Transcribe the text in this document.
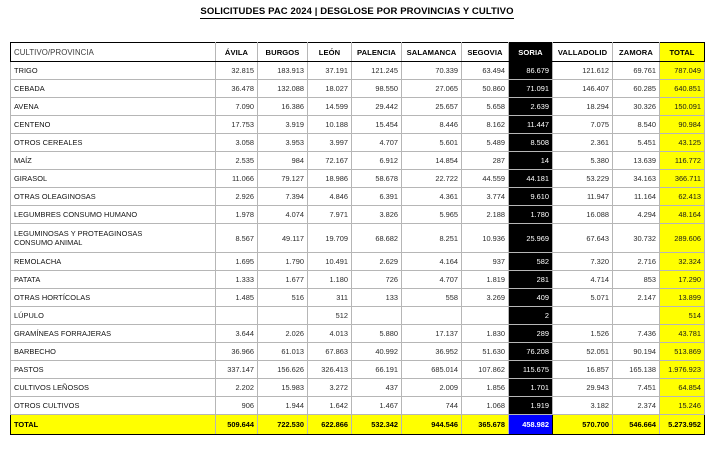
SOLICITUDES PAC 2024 | DESGLOSE POR PROVINCIAS Y CULTIVO
CULTIVO/PROVINCIA	ÁVILA	BURGOS	LEÓN	PALENCIA	SALAMANCA	SEGOVIA	SORIA	VALLADOLID	ZAMORA	TOTAL
TRIGO	32.815	183.913	37.191	121.245	70.339	63.494	86.679	121.612	69.761	787.049
CEBADA	36.478	132.088	18.027	98.550	27.065	50.860	71.091	146.407	60.285	640.851
AVENA	7.090	16.386	14.599	29.442	25.657	5.658	2.639	18.294	30.326	150.091
CENTENO	17.753	3.919	10.188	15.454	8.446	8.162	11.447	7.075	8.540	90.984
OTROS CEREALES	3.058	3.953	3.997	4.707	5.601	5.489	8.508	2.361	5.451	43.125
MAÍZ	2.535	984	72.167	6.912	14.854	287	14	5.380	13.639	116.772
GIRASOL	11.066	79.127	18.986	58.678	22.722	44.559	44.181	53.229	34.163	366.711
OTRAS OLEAGINOSAS	2.926	7.394	4.846	6.391	4.361	3.774	9.610	11.947	11.164	62.413
LEGUMBRES CONSUMO HUMANO	1.978	4.074	7.971	3.826	5.965	2.188	1.780	16.088	4.294	48.164

LEGUMINOSAS Y PROTEAGINOSAS
CONSUMO ANIMAL	8.567	49.117	19.709	68.682	8.251	10.936	25.969	67.643	30.732	289.606
REMOLACHA	1.695	1.790	10.491	2.629	4.164	937	582	7.320	2.716	32.324
PATATA	1.333	1.677	1.180	726	4.707	1.819	281	4.714	853	17.290
OTRAS HORTÍCOLAS	1.485	516	311	133	558	3.269	409	5.071	2.147	13.899
LÚPULO			512				2			514
GRAMÍNEAS FORRAJERAS	3.644	2.026	4.013	5.880	17.137	1.830	289	1.526	7.436	43.781
BARBECHO	36.966	61.013	67.863	40.992	36.952	51.630	76.208	52.051	90.194	513.869
PASTOS	337.147	156.626	326.413	66.191	685.014	107.862	115.675	16.857	165.138	1.976.923
CULTIVOS LEÑOSOS	2.202	15.983	3.272	437	2.009	1.856	1.701	29.943	7.451	64.854
OTROS CULTIVOS	906	1.944	1.642	1.467	744	1.068	1.919	3.182	2.374	15.246
TOTAL	509.644	722.530	622.866	532.342	944.546	365.678	458.982	570.700	546.664	5.273.952
